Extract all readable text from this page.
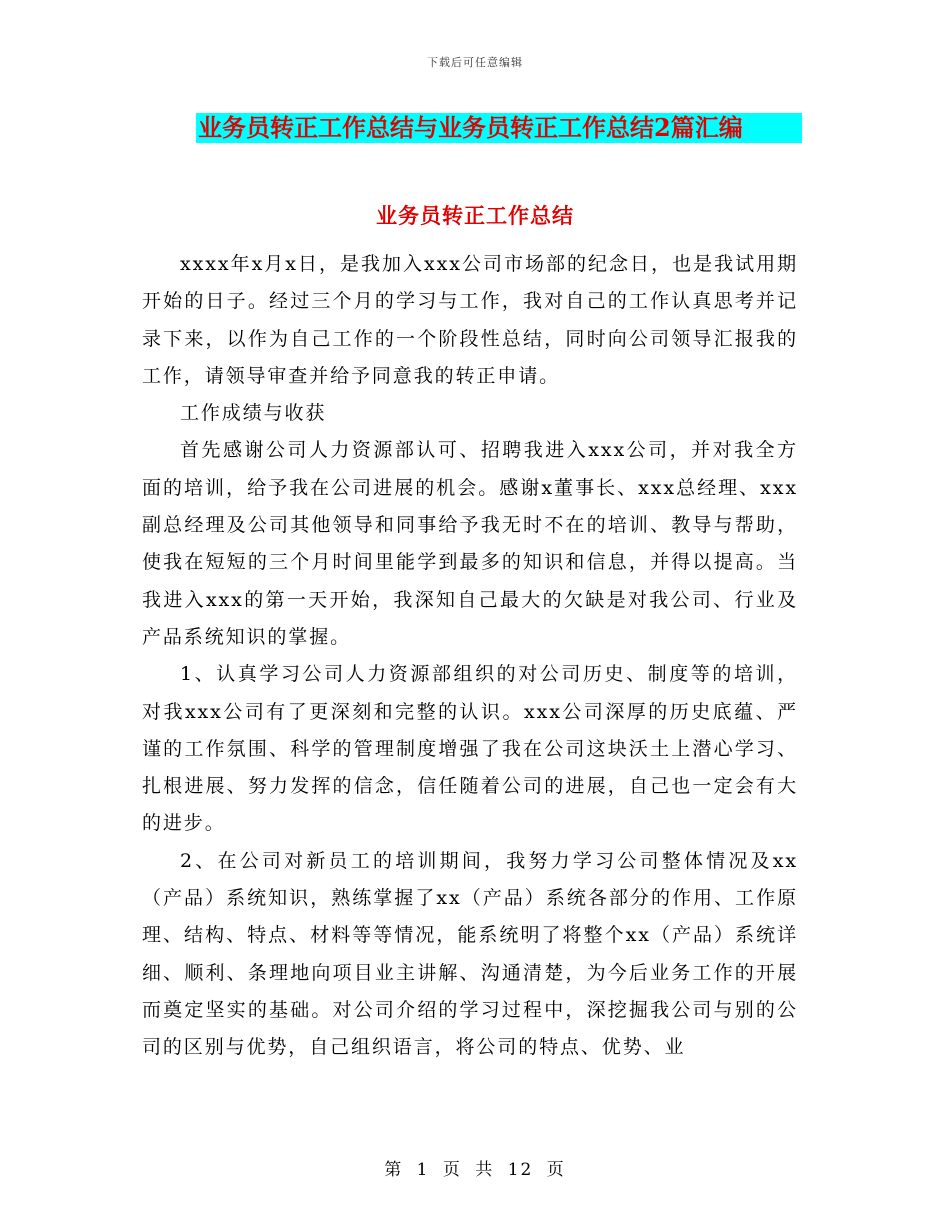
下载后可任意编辑
业务员转正工作总结与业务员转正工作总结2篇汇编
业务员转正工作总结

xxxx年x月x日，是我加入xxx公司市场部的纪念日，也是我试用期开始的日子。经过三个月的学习与工作，我对自己的工作认真思考并记录下来，以作为自己工作的一个阶段性总结，同时向公司领导汇报我的工作，请领导审查并给予同意我的转正申请。

工作成绩与收获

首先感谢公司人力资源部认可、招聘我进入xxx公司，并对我全方面的培训，给予我在公司进展的机会。感谢x董事长、xxx总经理、xxx副总经理及公司其他领导和同事给予我无时不在的培训、教导与帮助，使我在短短的三个月时间里能学到最多的知识和信息，并得以提高。当我进入xxx的第一天开始，我深知自己最大的欠缺是对我公司、行业及产品系统知识的掌握。

1、认真学习公司人力资源部组织的对公司历史、制度等的培训，对我xxx公司有了更深刻和完整的认识。xxx公司深厚的历史底蕴、严谨的工作氛围、科学的管理制度增强了我在公司这块沃土上潜心学习、扎根进展、努力发挥的信念，信任随着公司的进展，自己也一定会有大的进步。

2、在公司对新员工的培训期间，我努力学习公司整体情况及xx（产品）系统知识，熟练掌握了xx（产品）系统各部分的作用、工作原理、结构、特点、材料等等情况，能系统明了将整个xx（产品）系统详细、顺利、条理地向项目业主讲解、沟通清楚，为今后业务工作的开展而奠定坚实的基础。对公司介绍的学习过程中，深挖掘我公司与别的公司的区别与优势，自己组织语言，将公司的特点、优势、业

第 1 页 共 12 页
